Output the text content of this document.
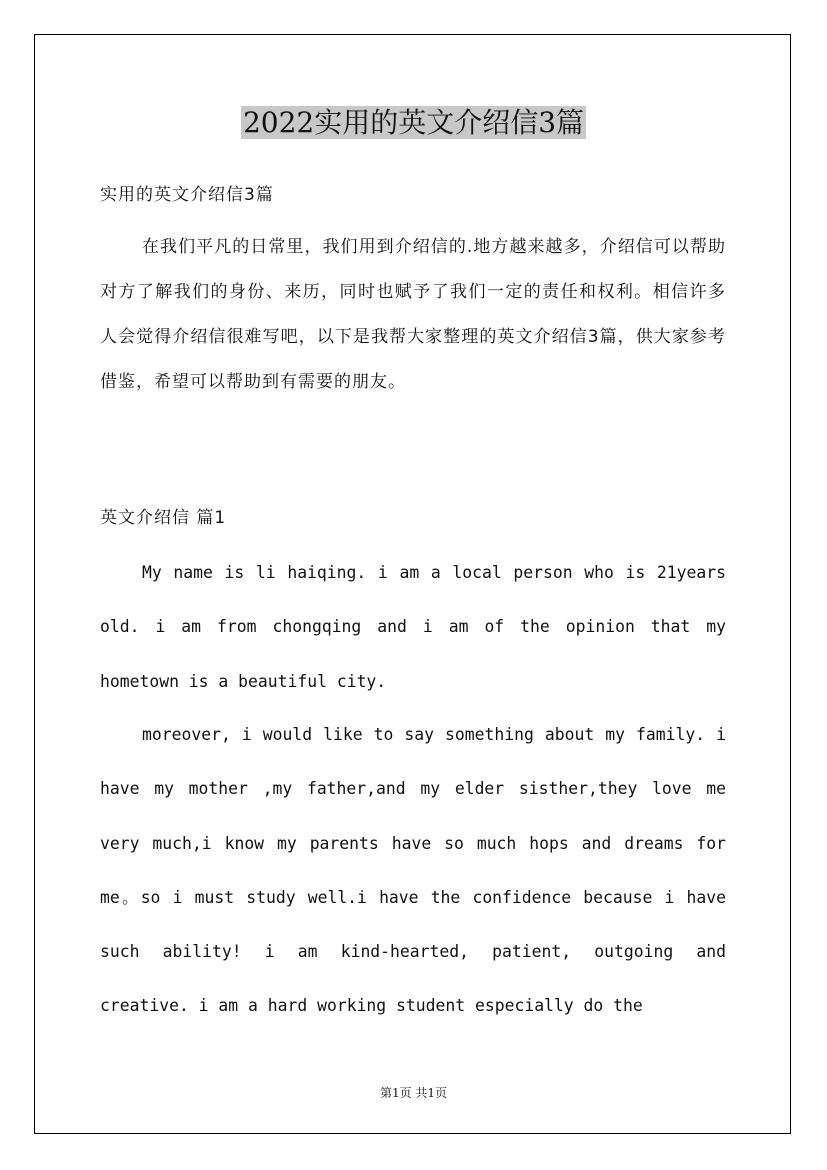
2022实用的英文介绍信3篇

实用的英文介绍信3篇

在我们平凡的日常里，我们用到介绍信的.地方越来越多，介绍信可以帮助对方了解我们的身份、来历，同时也赋予了我们一定的责任和权利。相信许多人会觉得介绍信很难写吧，以下是我帮大家整理的英文介绍信3篇，供大家参考借鉴，希望可以帮助到有需要的朋友。

英文介绍信 篇1

My name is li haiqing. i am a local person who is 21years old. i am from chongqing and i am of the opinion that my hometown is a beautiful city.

moreover, i would like to say something about my family. i have my mother ,my father,and my elder sisther,they love me very much,i know my parents have so much hops and dreams for me。so i must study well.i have the confidence because i have such ability! i am kind-hearted, patient, outgoing and creative. i am a hard working student especially do the

第1页 共1页
